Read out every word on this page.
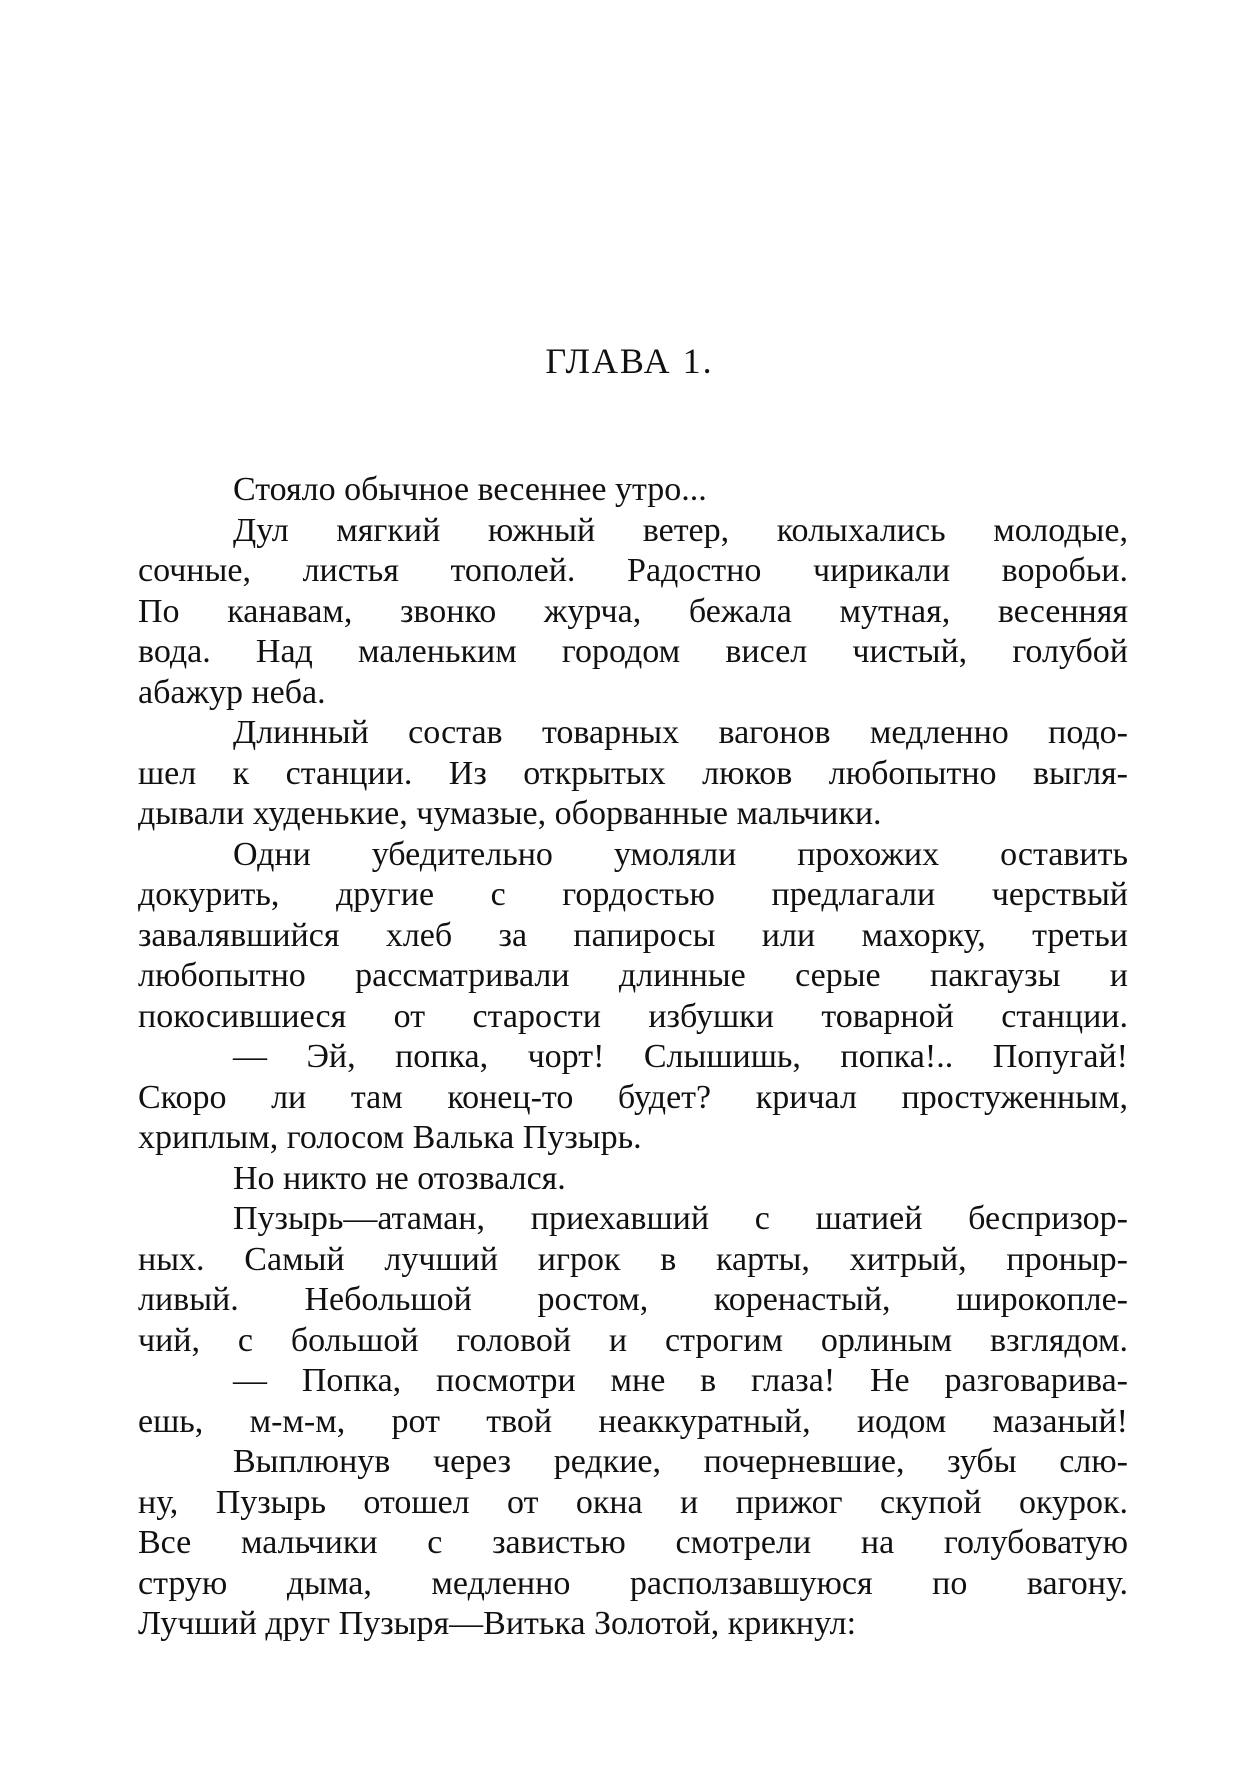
ГЛАВА 1.

Стояло обычное весеннее утро...

Дул мягкий южный ветер, колыхались молодые,
сочные, листья тополей. Радостно чирикали воробьи.
По канавам, звонко журча, бежала мутная, весенняя
вода. Над маленьким городом висел чистый, голубой
абажур неба.

Длинный состав товарных вагонов медленно подо-
шел к станции. Из открытых люков любопытно выгля-
дывали худенькие, чумазые, оборванные мальчики.

Одни убедительно умоляли прохожих оставить
докурить, другие с гордостью предлагали черствый
завалявшийся хлеб за папиросы или махорку, третьи
любопытно рассматривали длинные серые пакгаузы и
покосившиеся от старости избушки товарной станции.

— Эй, попка, чорт! Слышишь, попка!.. Попугай!
Скоро ли там конец-то будет? кричал простуженным,
хриплым, голосом Валька Пузырь.

Но никто не отозвался.

Пузырь—атаман, приехавший с шатией беспризор-
ных. Самый лучший игрок в карты, хитрый, проныр-
ливый. Небольшой ростом, коренастый, широкопле-
чий, с большой головой и строгим орлиным взглядом.

— Попка, посмотри мне в глаза! Не разговарива-
ешь, м-м-м, рот твой неаккуратный, иодом мазаный!

Выплюнув через редкие, почерневшие, зубы слю-
ну, Пузырь отошел от окна и прижог скупой окурок.
Все мальчики с завистью смотрели на голубоватую
струю дыма, медленно расползавшуюся по вагону.
Лучший друг Пузыря—Витька Золотой, крикнул:
